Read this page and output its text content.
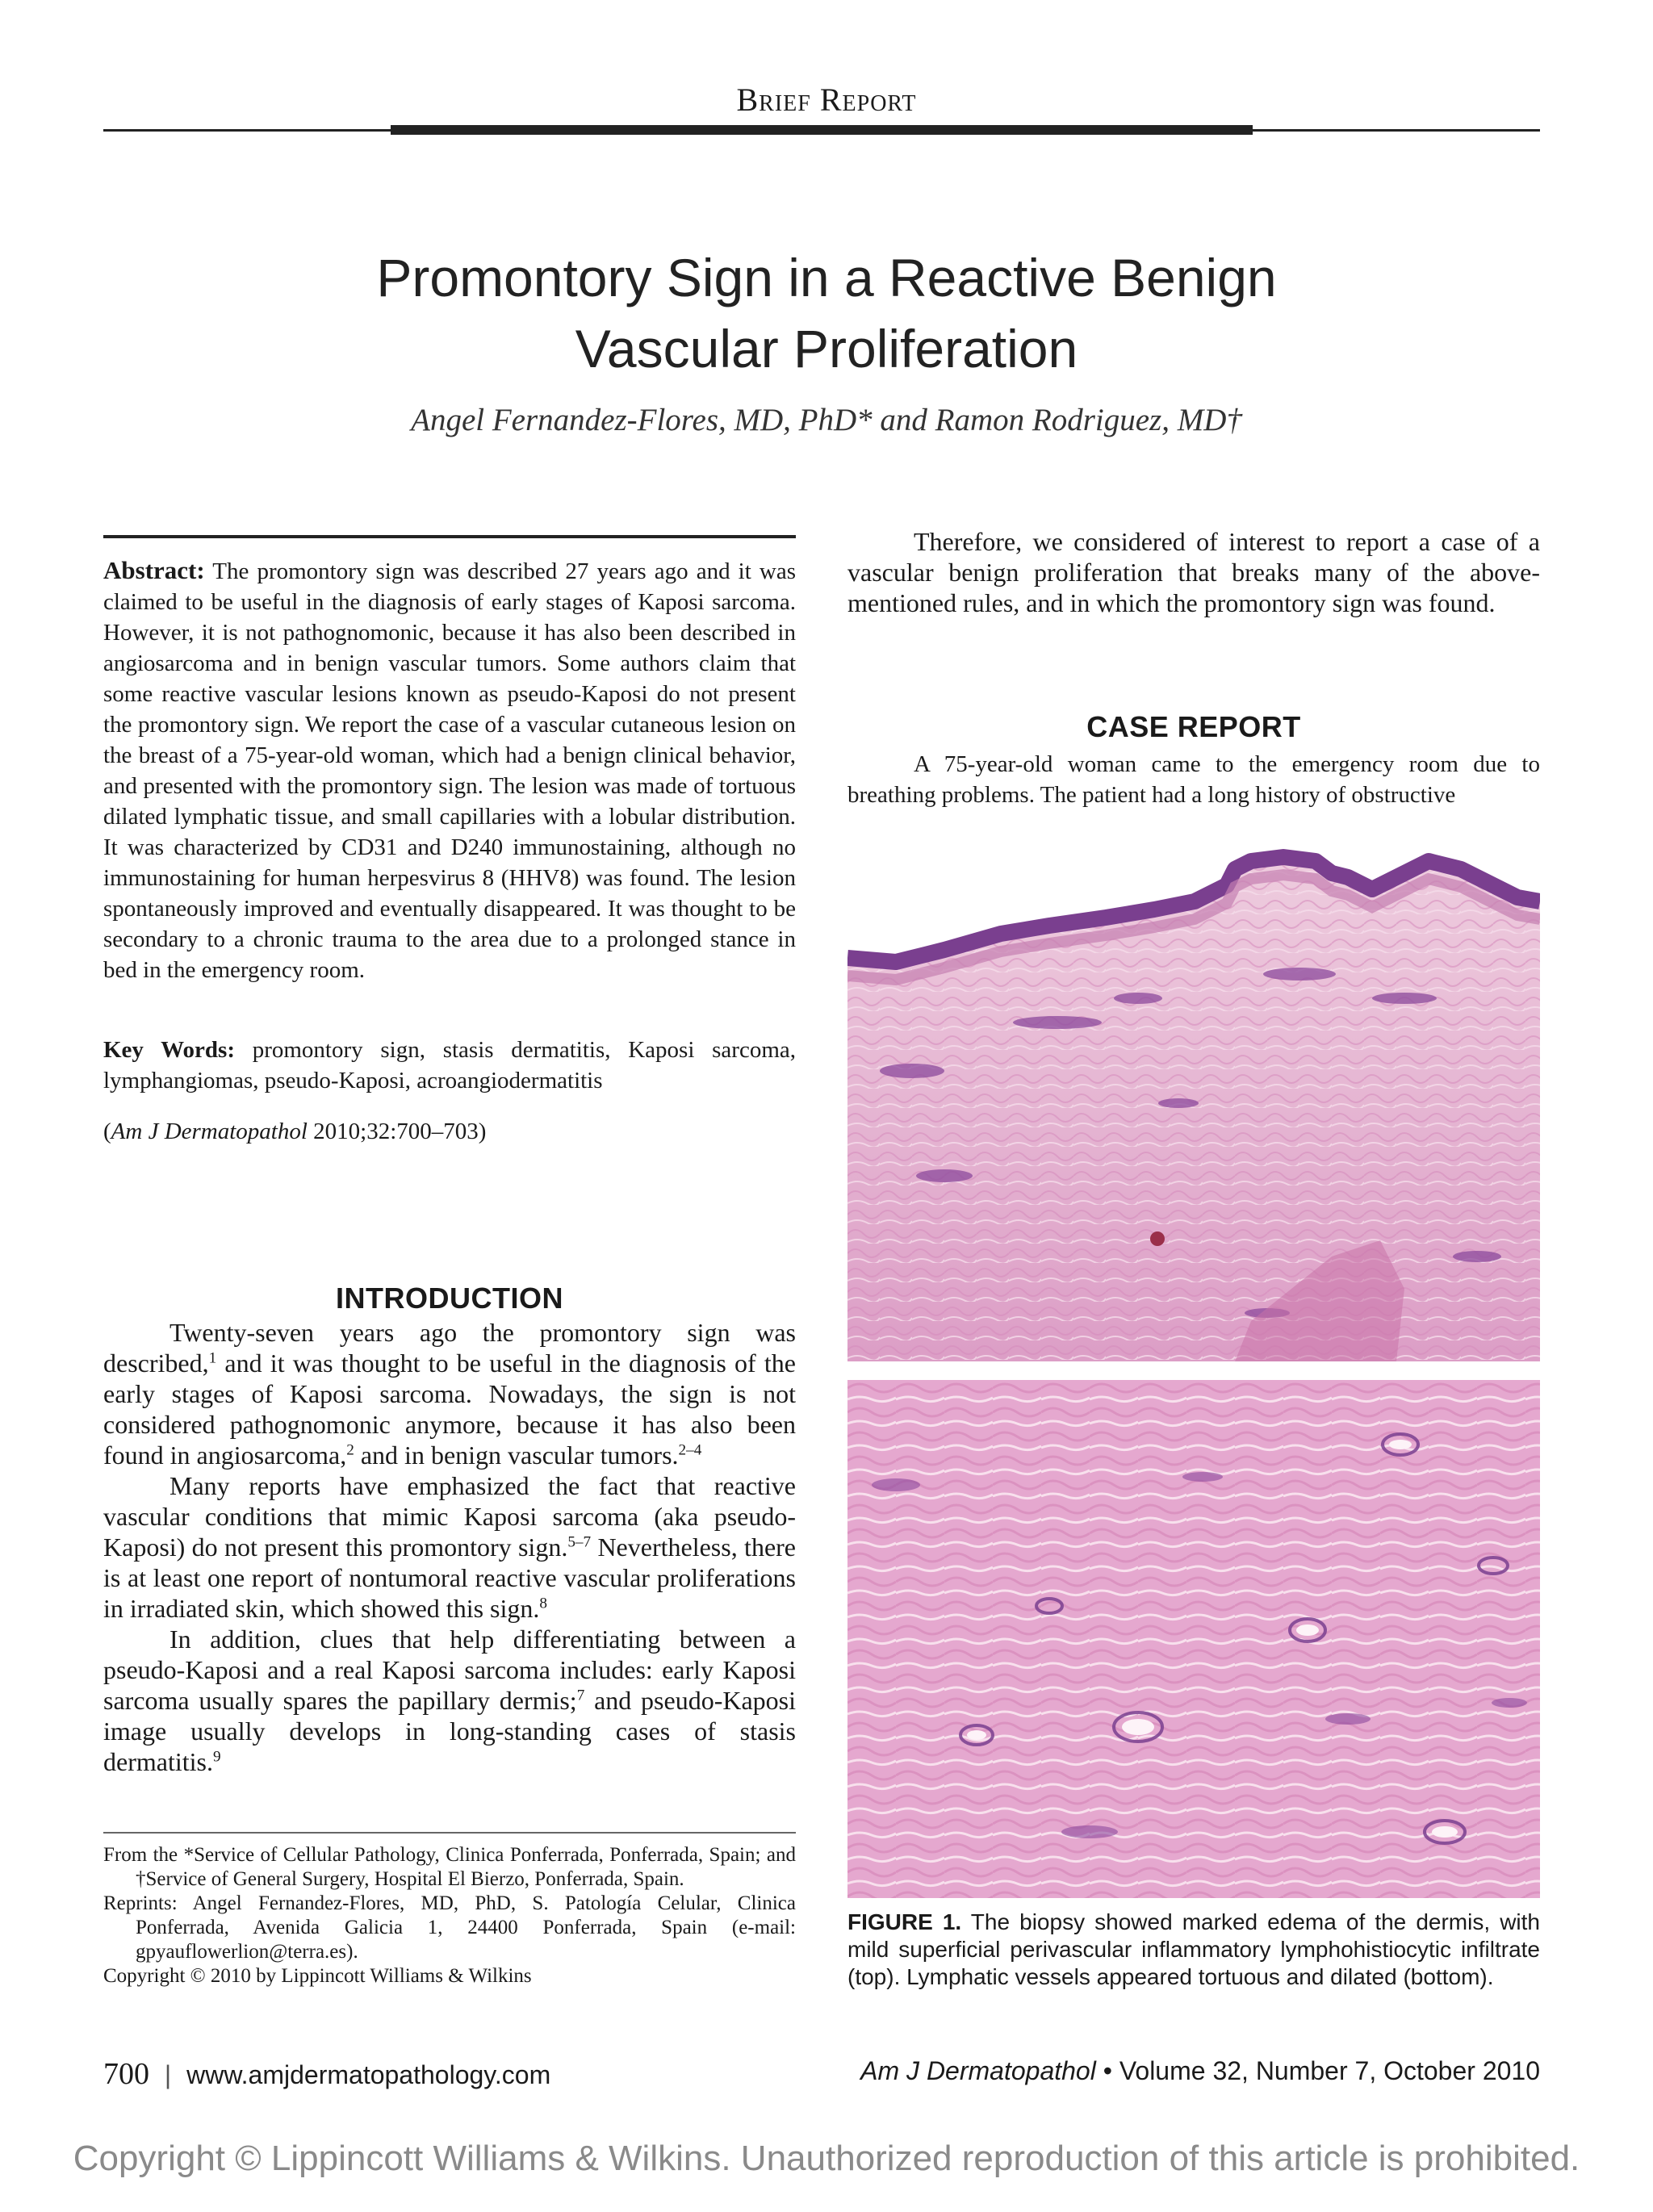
Brief Report
Promontory Sign in a Reactive Benign
Vascular Proliferation
Angel Fernandez-Flores, MD, PhD* and Ramon Rodriguez, MD†
Abstract: The promontory sign was described 27 years ago and it was claimed to be useful in the diagnosis of early stages of Kaposi sarcoma. However, it is not pathognomonic, because it has also been described in angiosarcoma and in benign vascular tumors. Some authors claim that some reactive vascular lesions known as pseudo-Kaposi do not present the promontory sign. We report the case of a vascular cutaneous lesion on the breast of a 75-year-old woman, which had a benign clinical behavior, and presented with the promontory sign. The lesion was made of tortuous dilated lymphatic tissue, and small capillaries with a lobular distribution. It was characterized by CD31 and D240 immunostaining, although no immunostaining for human herpesvirus 8 (HHV8) was found. The lesion spontaneously improved and eventually disappeared. It was thought to be secondary to a chronic trauma to the area due to a prolonged stance in bed in the emergency room.
Key Words: promontory sign, stasis dermatitis, Kaposi sarcoma, lymphangiomas, pseudo-Kaposi, acroangiodermatitis
(Am J Dermatopathol 2010;32:700–703)
INTRODUCTION

Twenty-seven years ago the promontory sign was described,$^1$ and it was thought to be useful in the diagnosis of the early stages of Kaposi sarcoma. Nowadays, the sign is not considered pathognomonic anymore, because it has also been found in angiosarcoma,$^2$ and in benign vascular tumors.$^{2-4}$

Many reports have emphasized the fact that reactive vascular conditions that mimic Kaposi sarcoma (aka pseudo-Kaposi) do not present this promontory sign.$^{5-7}$ Nevertheless, there is at least one report of nontumoral reactive vascular proliferations in irradiated skin, which showed this sign.$^8$

In addition, clues that help differentiating between a pseudo-Kaposi and a real Kaposi sarcoma includes: early Kaposi sarcoma usually spares the papillary dermis;$^7$ and pseudo-Kaposi image usually develops in long-standing cases of stasis dermatitis.$^9$

Therefore, we considered of interest to report a case of a vascular benign proliferation that breaks many of the above-mentioned rules, and in which the promontory sign was found.

CASE REPORT

A 75-year-old woman came to the emergency room due to breathing problems. The patient had a long history of obstructive

FIGURE 1. The biopsy showed marked edema of the dermis, with mild superficial perivascular inflammatory lymphohistiocytic infiltrate (top). Lymphatic vessels appeared tortuous and dilated (bottom).

From the *Service of Cellular Pathology, Clinica Ponferrada, Ponferrada, Spain; and †Service of General Surgery, Hospital El Bierzo, Ponferrada, Spain.

Reprints: Angel Fernandez-Flores, MD, PhD, S. Patología Celular, Clinica Ponferrada, Avenida Galicia 1, 24400 Ponferrada, Spain (e-mail: gpyauflowerlion@terra.es).

Copyright © 2010 by Lippincott Williams & Wilkins

700 | www.amjdermatopathology.com	Am J Dermatopathol • Volume 32, Number 7, October 2010
Copyright © Lippincott Williams & Wilkins. Unauthorized reproduction of this article is prohibited.
